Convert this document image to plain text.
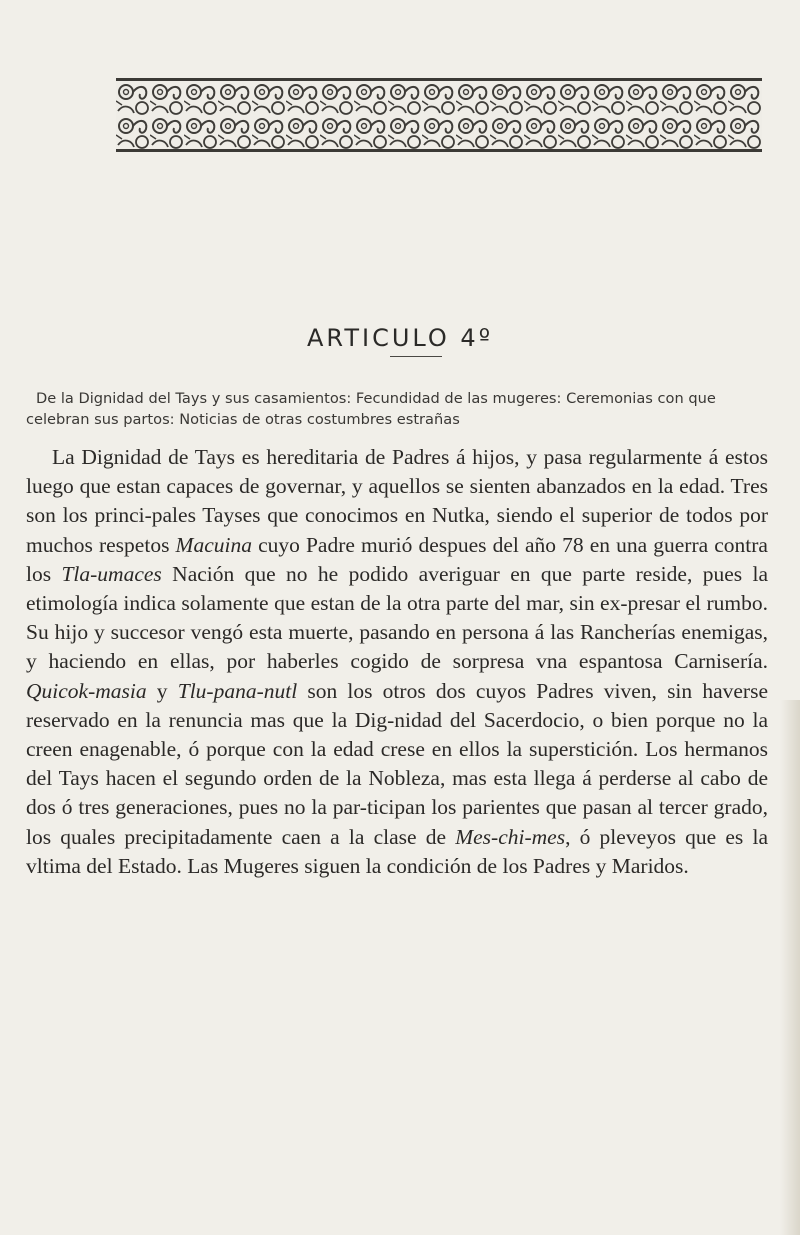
ARTICULO 4º
De la Dignidad del Tays y sus casamientos: Fecundidad de las mugeres: Ceremonias con que celebran sus partos: Noticias de otras costumbres estrañas
La Dignidad de Tays es hereditaria de Padres á hijos, y pasa regularmente á estos luego que estan capaces de governar, y aquellos se sienten abanzados en la edad. Tres son los princi-pales Tayses que conocimos en Nutka, siendo el superior de todos por muchos respetos Macuina cuyo Padre murió despues del año 78 en una guerra contra los Tla-umaces Nación que no he podido averiguar en que parte reside, pues la etimología indica solamente que estan de la otra parte del mar, sin ex-presar el rumbo. Su hijo y succesor vengó esta muerte, pasando en persona á las Rancherías enemigas, y haciendo en ellas, por haberles cogido de sorpresa vna espantosa Carnisería. Quicok-masia y Tlu-pana-nutl son los otros dos cuyos Padres viven, sin haverse reservado en la renuncia mas que la Dig-nidad del Sacerdocio, o bien porque no la creen enagenable, ó porque con la edad crese en ellos la superstición. Los hermanos del Tays hacen el segundo orden de la Nobleza, mas esta llega á perderse al cabo de dos ó tres generaciones, pues no la par-ticipan los parientes que pasan al tercer grado, los quales precipitadamente caen a la clase de Mes-chi-mes, ó pleveyos que es la vltima del Estado. Las Mugeres siguen la condición de los Padres y Maridos.
